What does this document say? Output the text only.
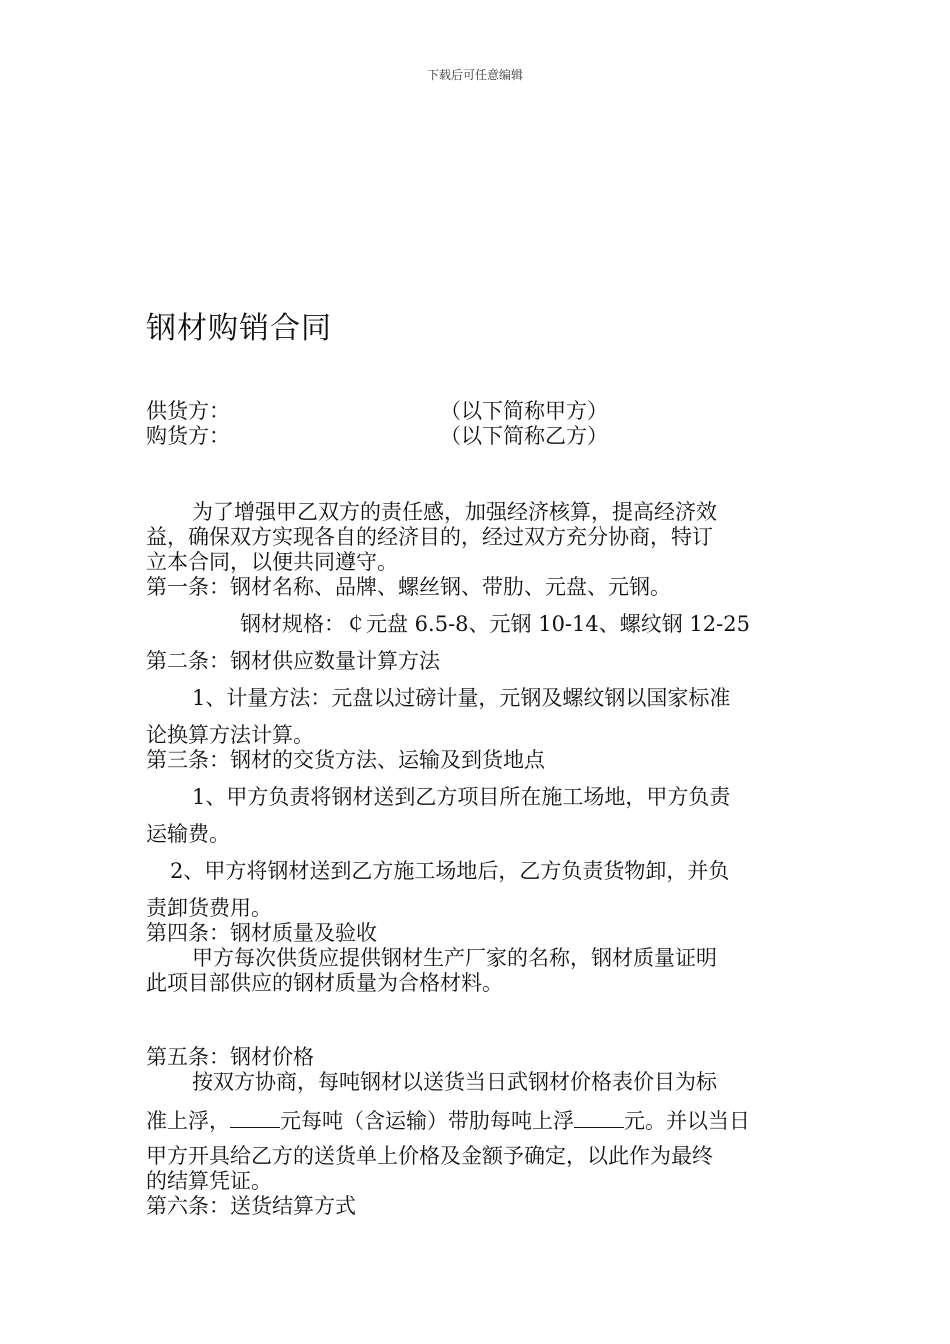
下载后可任意编辑
钢材购销合同
供货方：	（以下简称甲方）
购货方：	（以下简称乙方）
为了增强甲乙双方的责任感，加强经济核算，提高经济效
益，确保双方实现各自的经济目的，经过双方充分协商，特订
立本合同，以便共同遵守。
第一条：钢材名称、品牌、螺丝钢、带肋、元盘、元钢。
钢材规格：￠元盘 6.5-8、元钢 10-14、螺纹钢 12-25
第二条：钢材供应数量计算方法
1、计量方法：元盘以过磅计量，元钢及螺纹钢以国家标准
论换算方法计算。
第三条：钢材的交货方法、运输及到货地点
1、甲方负责将钢材送到乙方项目所在施工场地，甲方负责
运输费。
2、甲方将钢材送到乙方施工场地后，乙方负责货物卸，并负
责卸货费用。
第四条：钢材质量及验收
甲方每次供货应提供钢材生产厂家的名称，钢材质量证明
此项目部供应的钢材质量为合格材料。
第五条：钢材价格
按双方协商，每吨钢材以送货当日武钢材价格表价目为标
准上浮， 元每吨（含运输）带肋每吨上浮 元。并以当日
甲方开具给乙方的送货单上价格及金额予确定，以此作为最终
的结算凭证。
第六条：送货结算方式
